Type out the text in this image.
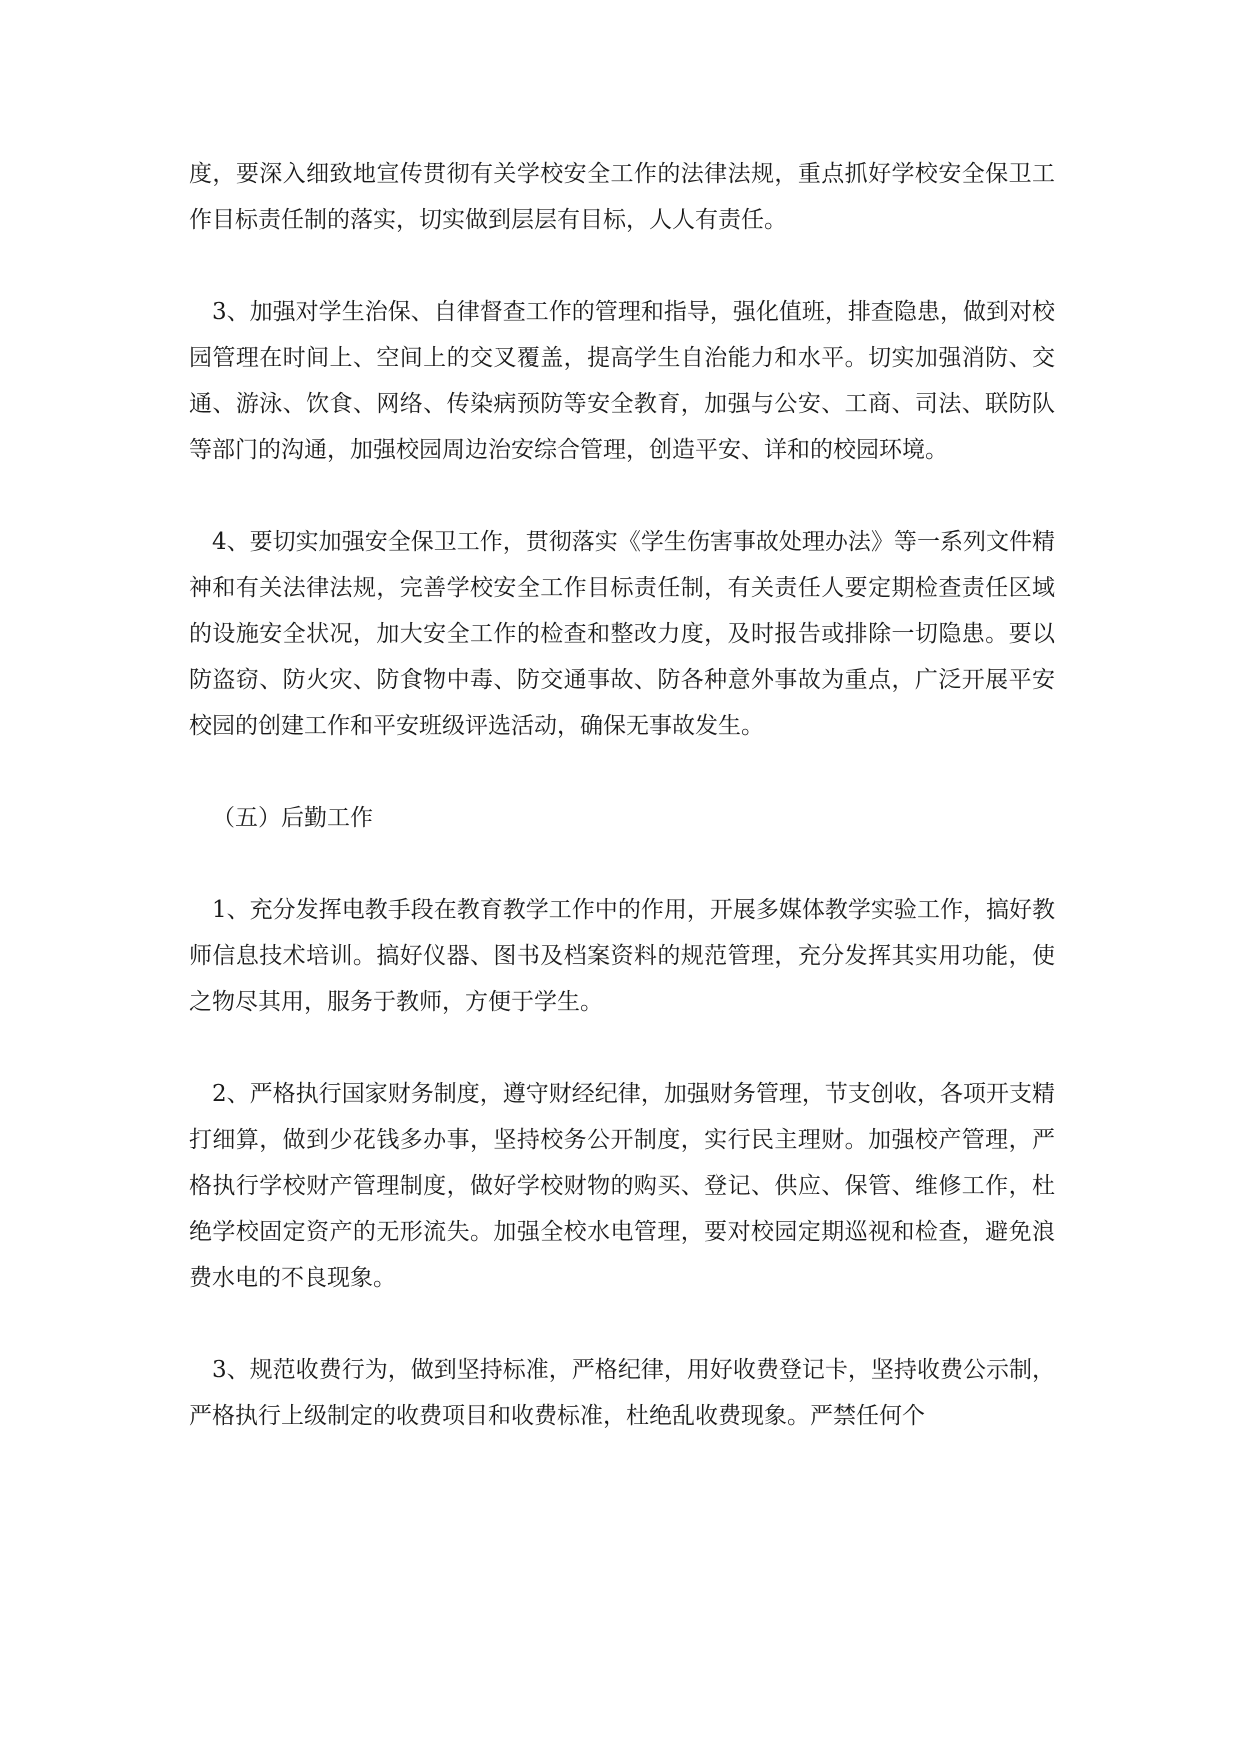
度，要深入细致地宣传贯彻有关学校安全工作的法律法规，重点抓好学校安全保卫工作目标责任制的落实，切实做到层层有目标，人人有责任。

3、加强对学生治保、自律督查工作的管理和指导，强化值班，排查隐患，做到对校园管理在时间上、空间上的交叉覆盖，提高学生自治能力和水平。切实加强消防、交通、游泳、饮食、网络、传染病预防等安全教育，加强与公安、工商、司法、联防队等部门的沟通，加强校园周边治安综合管理，创造平安、详和的校园环境。

4、要切实加强安全保卫工作，贯彻落实《学生伤害事故处理办法》等一系列文件精神和有关法律法规，完善学校安全工作目标责任制，有关责任人要定期检查责任区域的设施安全状况，加大安全工作的检查和整改力度，及时报告或排除一切隐患。要以防盗窃、防火灾、防食物中毒、防交通事故、防各种意外事故为重点，广泛开展平安校园的创建工作和平安班级评选活动，确保无事故发生。

（五）后勤工作

1、充分发挥电教手段在教育教学工作中的作用，开展多媒体教学实验工作，搞好教师信息技术培训。搞好仪器、图书及档案资料的规范管理，充分发挥其实用功能，使之物尽其用，服务于教师，方便于学生。

2、严格执行国家财务制度，遵守财经纪律，加强财务管理，节支创收，各项开支精打细算，做到少花钱多办事，坚持校务公开制度，实行民主理财。加强校产管理，严格执行学校财产管理制度，做好学校财物的购买、登记、供应、保管、维修工作，杜绝学校固定资产的无形流失。加强全校水电管理，要对校园定期巡视和检查，避免浪费水电的不良现象。

3、规范收费行为，做到坚持标准，严格纪律，用好收费登记卡，坚持收费公示制，严格执行上级制定的收费项目和收费标准，杜绝乱收费现象。严禁任何个
